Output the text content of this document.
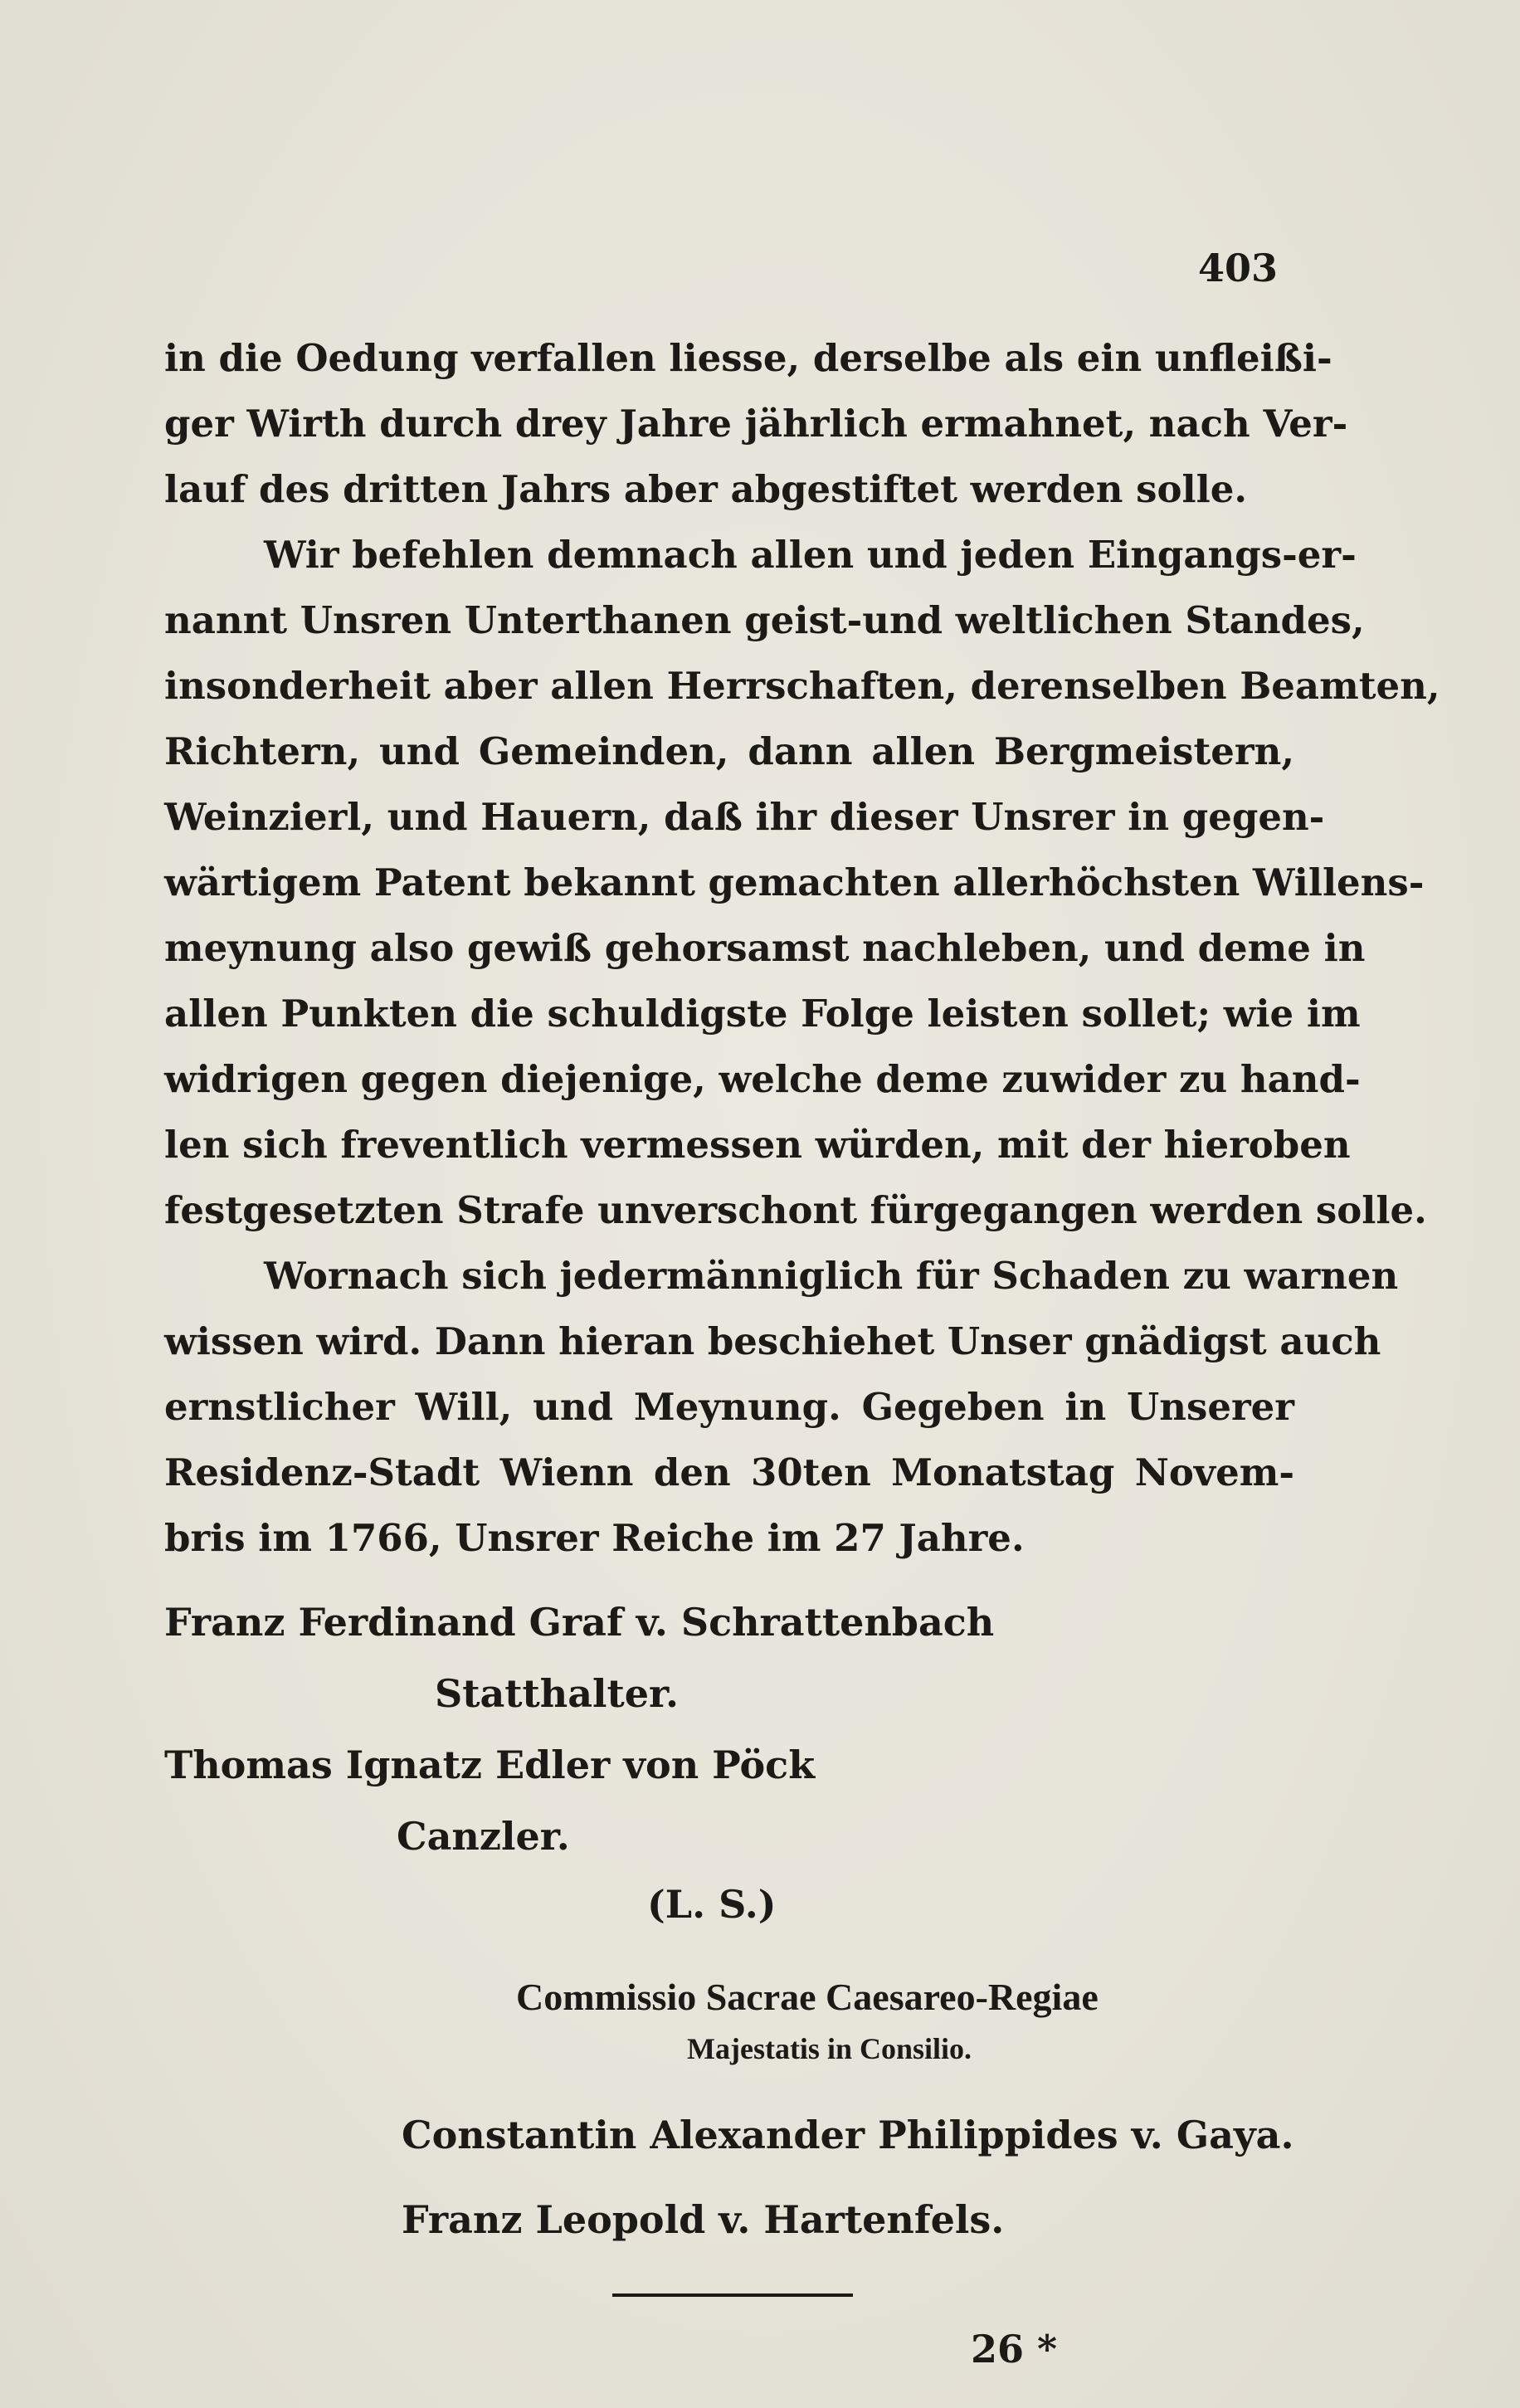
403
in die Oedung verfallen liesse, derselbe als ein unfleißi-
ger Wirth durch drey Jahre jährlich ermahnet, nach Ver-
lauf des dritten Jahrs aber abgestiftet werden solle.
Wir befehlen demnach allen und jeden Eingangs-er-
nannt Unsren Unterthanen geist-und weltlichen Standes,
insonderheit aber allen Herrschaften, derenselben Beamten,
Richtern, und Gemeinden, dann allen Bergmeistern,
Weinzierl, und Hauern, daß ihr dieser Unsrer in gegen-
wärtigem Patent bekannt gemachten allerhöchsten Willens-
meynung also gewiß gehorsamst nachleben, und deme in
allen Punkten die schuldigste Folge leisten sollet; wie im
widrigen gegen diejenige, welche deme zuwider zu hand-
len sich freventlich vermessen würden, mit der hieroben
festgesetzten Strafe unverschont fürgegangen werden solle.
Wornach sich jedermänniglich für Schaden zu warnen
wissen wird. Dann hieran beschiehet Unser gnädigst auch
ernstlicher Will, und Meynung. Gegeben in Unserer
Residenz-Stadt Wienn den 30ten Monatstag Novem-
bris im 1766, Unsrer Reiche im 27 Jahre.
Franz Ferdinand Graf v. Schrattenbach
Statthalter.
Thomas Ignatz Edler von Pöck
Canzler.
(L. S.)
Commissio Sacrae Caesareo-Regiae
Majestatis in Consilio.
Constantin Alexander Philippides v. Gaya.
Franz Leopold v. Hartenfels.
26 *
